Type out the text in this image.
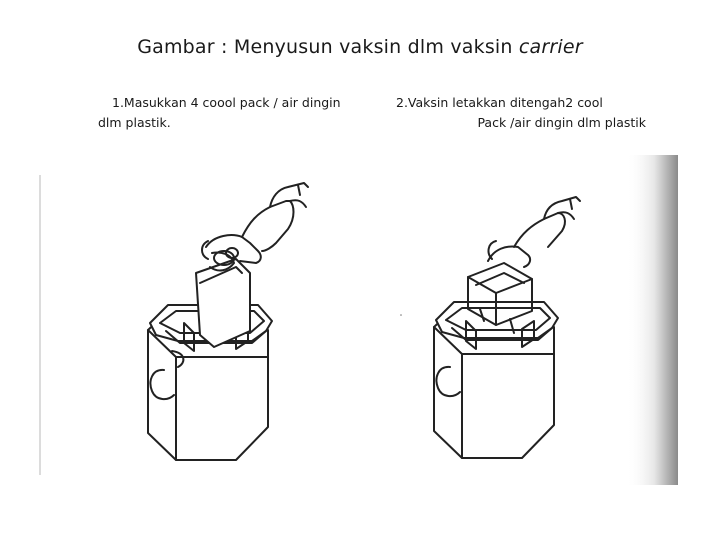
Gambar : Menyusun vaksin dlm vaksin carrier
1.Masukkan 4 coool pack / air dingin
dlm plastik.
2.Vaksin letakkan ditengah2 cool
Pack /air dingin dlm plastik
